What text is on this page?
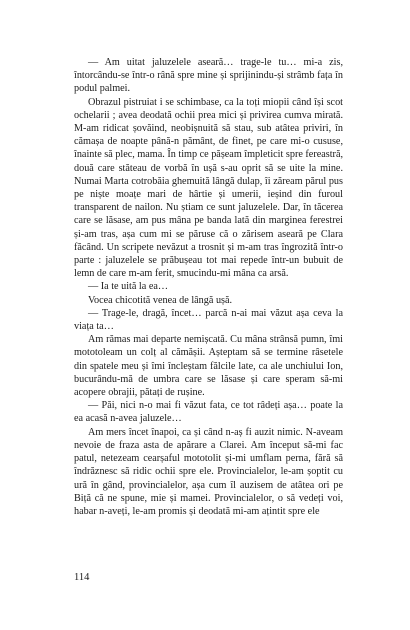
— Am uitat jaluzelele aseară… trage-le tu… mi-a zis, întorcându-se într-o rână spre mine și sprijinindu-și strâmb fața în podul palmei.

Obrazul pistruiat i se schimbase, ca la toți miopii când își scot ochelarii ; avea deodată ochii prea mici și privirea cumva mirată. M-am ridicat șovăind, neobișnuită să stau, sub atâtea priviri, în cămașa de noapte până-n pământ, de finet, pe care mi-o cususe, înainte să plec, mama. În timp ce pășeam împleticit spre fereastră, două care stăteau de vorbă în ușă s-au oprit să se uite la mine. Numai Marta cotrobăia ghemuită lângă dulap, îi zăream părul pus pe niște moațe mari de hârtie și umerii, ieșind din furoul transparent de nailon. Nu știam ce sunt jaluzelele. Dar, în tăcerea care se lăsase, am pus mâna pe banda lată din marginea ferestrei și-am tras, așa cum mi se păruse că o zărisem aseară pe Clara făcând. Un scripete nevăzut a trosnit și m-am tras îngrozită într-o parte : jaluzelele se prăbușeau tot mai repede într-un bubuit de lemn de care m-am ferit, smucindu-mi mâna ca arsă.

— Ia te uită la ea…

Vocea chicotită venea de lângă ușă.

— Trage-le, dragă, încet… parcă n-ai mai văzut așa ceva la viața ta…

Am rămas mai departe nemișcată. Cu mâna strânsă pumn, îmi mototoleam un colț al cămășii. Așteptam să se termine râsetele din spatele meu și îmi încleștam fălcile late, ca ale unchiului Ion, bucurându-mă de umbra care se lăsase și care speram să-mi acopere obrajii, pătați de rușine.

— Păi, nici n-o mai fi văzut fata, ce tot râdeți așa… poate la ea acasă n-avea jaluzele…

Am mers încet înapoi, ca și când n-aș fi auzit nimic. N-aveam nevoie de fraza asta de apărare a Clarei. Am început să-mi fac patul, netezeam cearșaful mototolit și-mi umflam perna, fără să îndrăznesc să ridic ochii spre ele. Provincialelor, le-am șoptit cu ură în gând, provincialelor, așa cum îl auzisem de atâtea ori pe Biță că ne spune, mie și mamei. Provincialelor, o să vedeți voi, habar n-aveți, le-am promis și deodată mi-am ațintit spre ele

114
